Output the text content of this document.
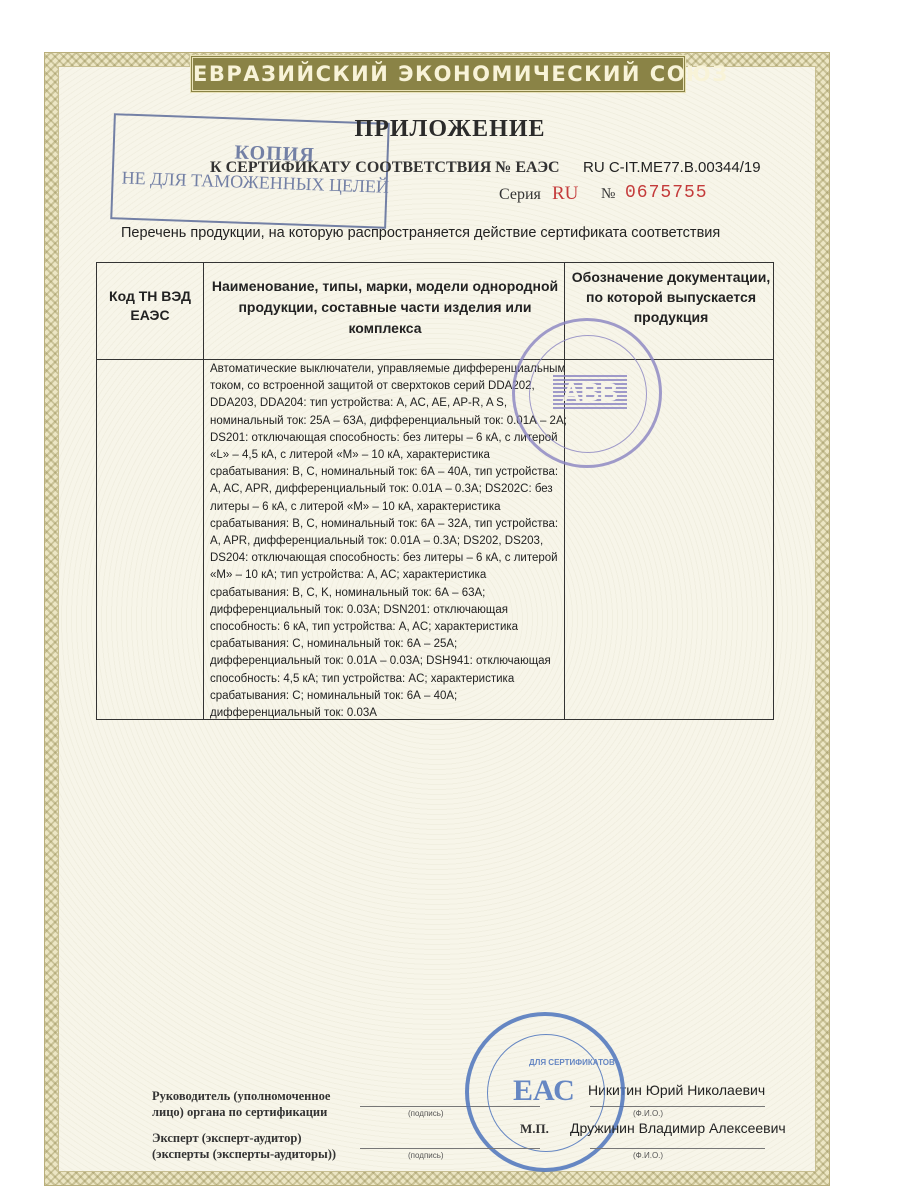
ЕВРАЗИЙСКИЙ ЭКОНОМИЧЕСКИЙ СОЮЗ
КОПИЯ
НЕ ДЛЯ ТАМОЖЕННЫХ ЦЕЛЕЙ
ПРИЛОЖЕНИЕ
К СЕРТИФИКАТУ СООТВЕТСТВИЯ № ЕАЭС RU C-IT.МЕ77.В.00344/19
Серия RU № 0675755
Перечень продукции, на которую распространяется действие сертификата соответствия
Код ТН ВЭД ЕАЭС
Наименование, типы, марки, модели однородной продукции, составные части изделия или комплекса
Обозначение документации, по которой выпускается продукция
Автоматические выключатели, управляемые дифференциальным током, со встроенной защитой от сверхтоков серий DDA202, DDA203, DDA204: тип устройства: A, AC, AE, AP-R, A S, номинальный ток: 25А – 63А, дифференциальный ток: 0.01А – 2А; DS201: отключающая способность: без литеры – 6 кА, с литерой «L» – 4,5 кА, с литерой «М» – 10 кА, характеристика срабатывания: B, C, номинальный ток: 6А – 40А, тип устройства: A, AC, APR, дифференциальный ток: 0.01А – 0.3А; DS202C: без литеры – 6 кА, с литерой «М» – 10 кА, характеристика срабатывания: B, C, номинальный ток: 6А – 32А, тип устройства: A, APR, дифференциальный ток: 0.01А – 0.3А; DS202, DS203, DS204: отключающая способность: без литеры – 6 кА, с литерой «М» – 10 кА; тип устройства: A, AC; характеристика срабатывания: B, C, K, номинальный ток: 6А – 63А; дифференциальный ток: 0.03А; DSN201: отключающая способность: 6 кА, тип устройства: A, AC; характеристика срабатывания: C, номинальный ток: 6А – 25А; дифференциальный ток: 0.01А – 0.03А; DSH941: отключающая способность: 4,5 кА; тип устройства: AC; характеристика срабатывания: C; номинальный ток: 6А – 40А; дифференциальный ток: 0.03А
ABB
Руководитель (уполномоченное
лицо) органа по сертификации	(подпись)
Никитин Юрий Николаевич
(Ф.И.О.)
ДЛЯ СЕРТИФИКАТОВ
ЕАС
М.П.
Эксперт (эксперт-аудитор)
(эксперты (эксперты-аудиторы))	(подпись)
Дружинин Владимир Алексеевич
(Ф.И.О.)
